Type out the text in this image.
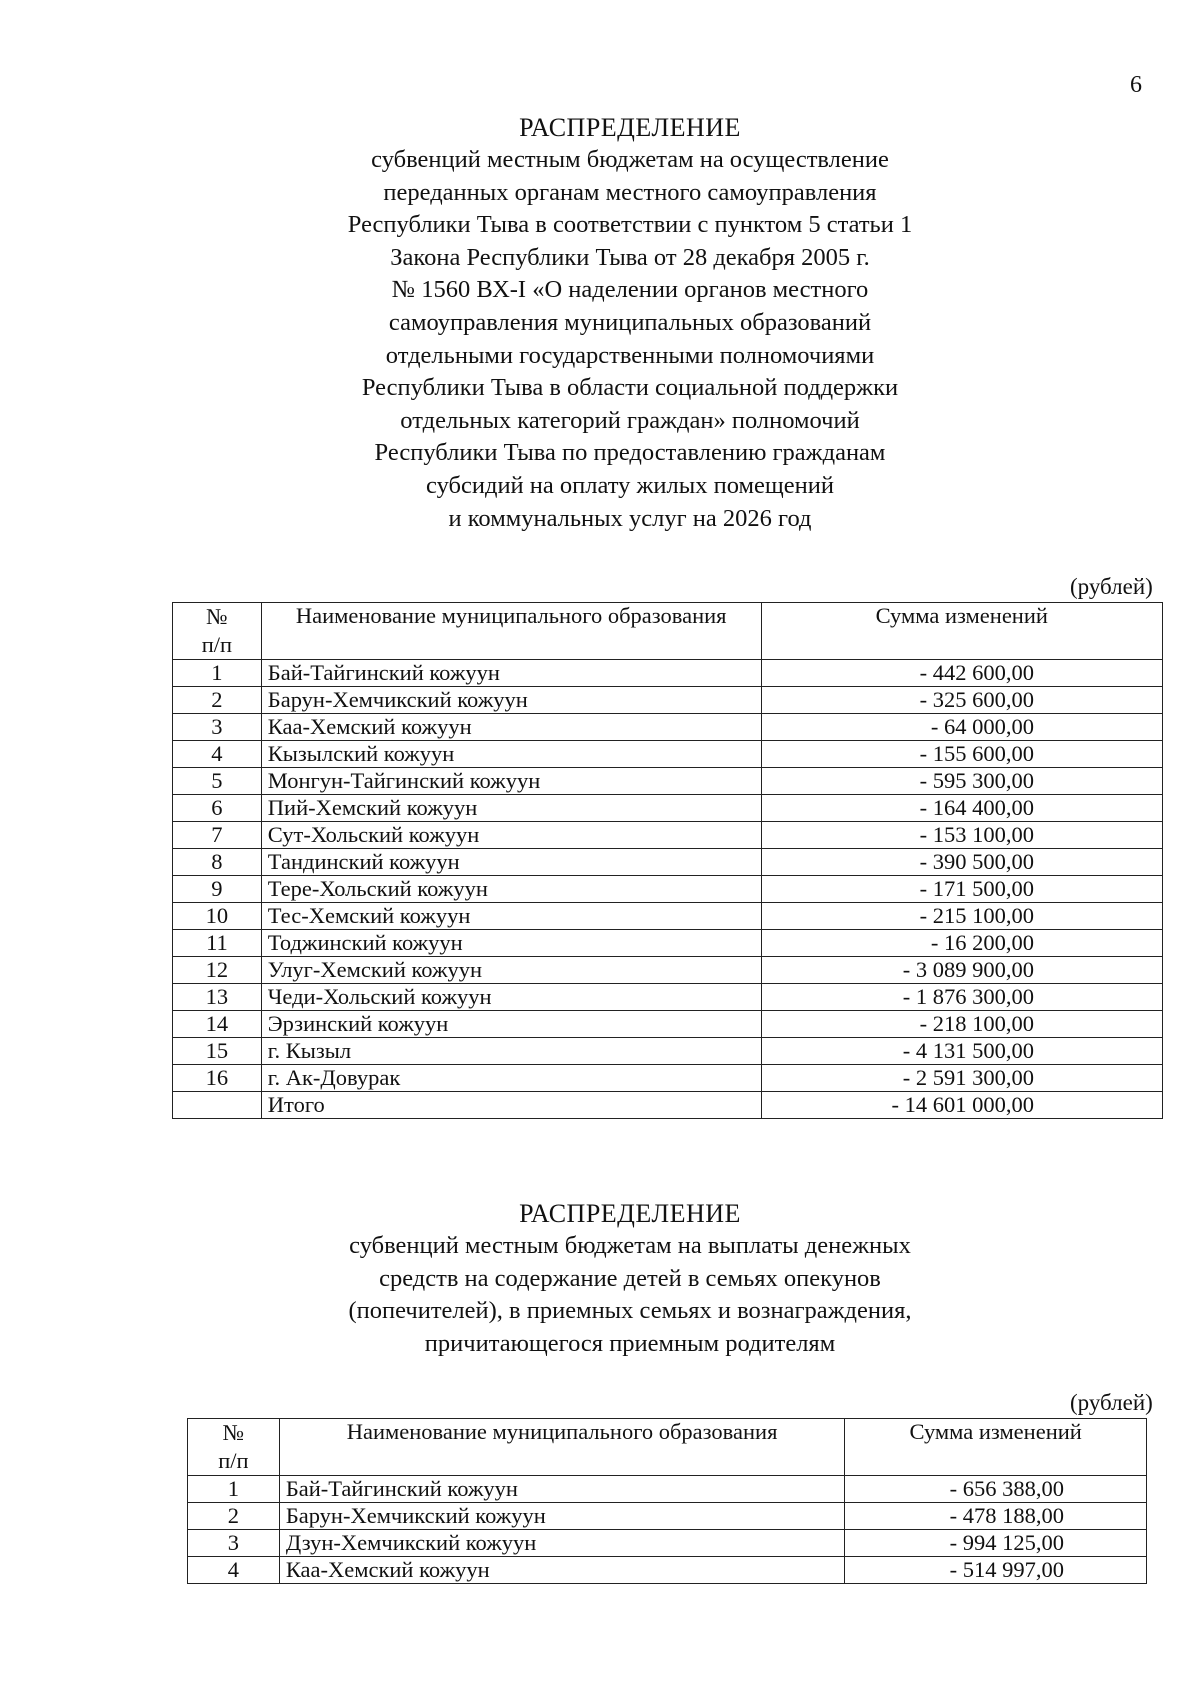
6
РАСПРЕДЕЛЕНИЕ
субвенций местным бюджетам на осуществление
переданных органам местного самоуправления
Республики Тыва в соответствии с пунктом 5 статьи 1
Закона Республики Тыва от 28 декабря 2005 г.
№ 1560 ВХ-I «О наделении органов местного
самоуправления муниципальных образований
отдельными государственными полномочиями
Республики Тыва в области социальной поддержки
отдельных категорий граждан» полномочий
Республики Тыва по предоставлению гражданам
субсидий на оплату жилых помещений
и коммунальных услуг на 2026 год
(рублей)
№
п/п	Наименование муниципального образования	Сумма изменений
1	Бай-Тайгинский кожуун	- 442 600,00
2	Барун-Хемчикский кожуун	- 325 600,00
3	Каа-Хемский кожуун	- 64 000,00
4	Кызылский кожуун	- 155 600,00
5	Монгун-Тайгинский кожуун	- 595 300,00
6	Пий-Хемский кожуун	- 164 400,00
7	Сут-Хольский кожуун	- 153 100,00
8	Тандинский кожуун	- 390 500,00
9	Тере-Хольский кожуун	- 171 500,00
10	Тес-Хемский кожуун	- 215 100,00
11	Тоджинский кожуун	- 16 200,00
12	Улуг-Хемский кожуун	- 3 089 900,00
13	Чеди-Хольский кожуун	- 1 876 300,00
14	Эрзинский кожуун	- 218 100,00
15	г. Кызыл	- 4 131 500,00
16	г. Ак-Довурак	- 2 591 300,00
	Итого	- 14 601 000,00
РАСПРЕДЕЛЕНИЕ
субвенций местным бюджетам на выплаты денежных
средств на содержание детей в семьях опекунов
(попечителей), в приемных семьях и вознаграждения,
причитающегося приемным родителям
(рублей)
№
п/п	Наименование муниципального образования	Сумма изменений
1	Бай-Тайгинский кожуун	- 656 388,00
2	Барун-Хемчикский кожуун	- 478 188,00
3	Дзун-Хемчикский кожуун	- 994 125,00
4	Каа-Хемский кожуун	- 514 997,00
